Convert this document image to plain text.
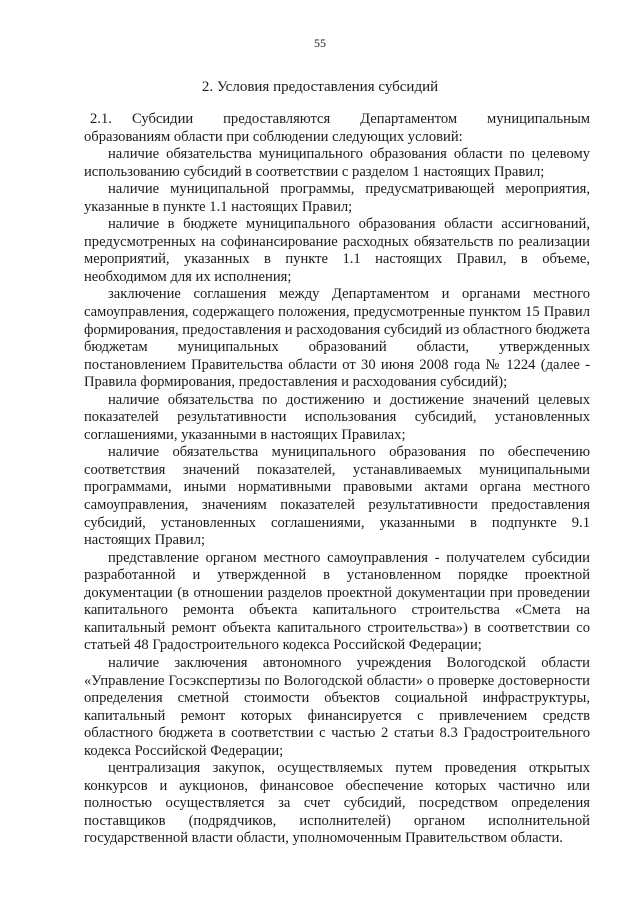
55
2. Условия предоставления субсидий

2.1. Субсидии предоставляются Департаментом муниципальным образованиям области при соблюдении следующих условий:

наличие обязательства муниципального образования области по целевому использованию субсидий в соответствии с разделом 1 настоящих Правил;

наличие муниципальной программы, предусматривающей мероприятия, указанные в пункте 1.1 настоящих Правил;

наличие в бюджете муниципального образования области ассигнований, предусмотренных на софинансирование расходных обязательств по реализации мероприятий, указанных в пункте 1.1 настоящих Правил, в объеме, необходимом для их исполнения;

заключение соглашения между Департаментом и органами местного самоуправления, содержащего положения, предусмотренные пунктом 15 Правил формирования, предоставления и расходования субсидий из областного бюджета бюджетам муниципальных образований области, утвержденных постановлением Правительства области от 30 июня 2008 года № 1224 (далее - Правила формирования, предоставления и расходования субсидий);

наличие обязательства по достижению и достижение значений целевых показателей результативности использования субсидий, установленных соглашениями, указанными в настоящих Правилах;

наличие обязательства муниципального образования по обеспечению соответствия значений показателей, устанавливаемых муниципальными программами, иными нормативными правовыми актами органа местного самоуправления, значениям показателей результативности предоставления субсидий, установленных соглашениями, указанными в подпункте 9.1 настоящих Правил;

представление органом местного самоуправления - получателем субсидии разработанной и утвержденной в установленном порядке проектной документации (в отношении разделов проектной документации при проведении капитального ремонта объекта капитального строительства «Смета на капитальный ремонт объекта капитального строительства») в соответствии со статьей 48 Градостроительного кодекса Российской Федерации;

наличие заключения автономного учреждения Вологодской области «Управление Госэкспертизы по Вологодской области» о проверке достоверности определения сметной стоимости объектов социальной инфраструктуры, капитальный ремонт которых финансируется с привлечением средств областного бюджета в соответствии с частью 2 статьи 8.3 Градостроительного кодекса Российской Федерации;

централизация закупок, осуществляемых путем проведения открытых конкурсов и аукционов, финансовое обеспечение которых частично или полностью осуществляется за счет субсидий, посредством определения поставщиков (подрядчиков, исполнителей) органом исполнительной государственной власти области, уполномоченным Правительством области.
